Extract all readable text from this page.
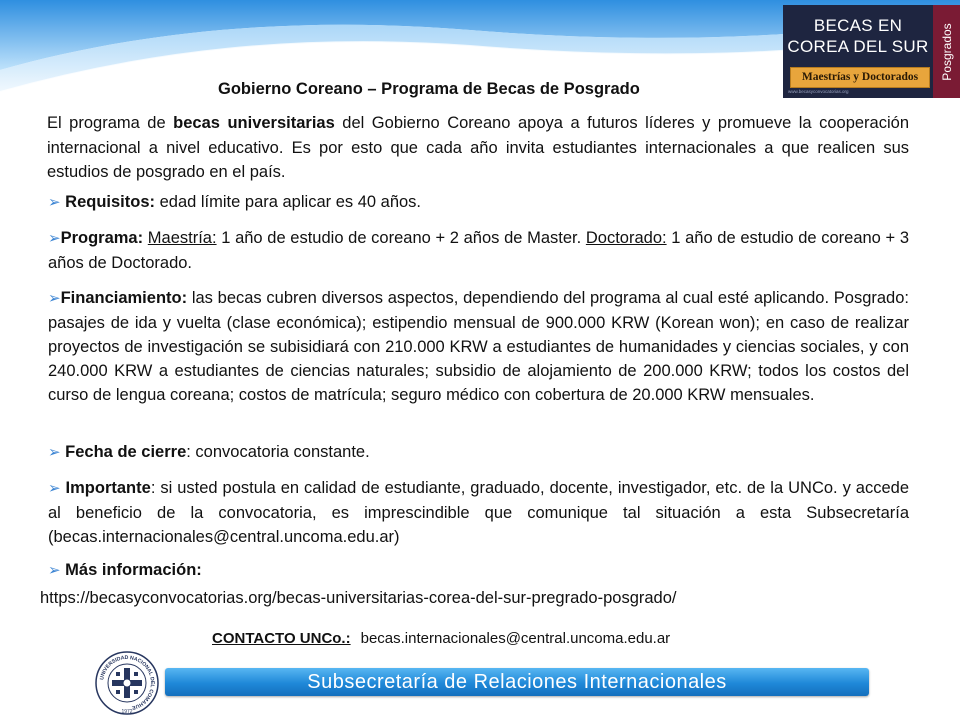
BECAS EN
COREA DEL SUR
Maestrías y Doctorados
www.becasyconvocatorias.org
Posgrados
Gobierno Coreano – Programa de Becas de Posgrado
El programa de becas universitarias del Gobierno Coreano apoya a futuros líderes y promueve la cooperación internacional a nivel educativo. Es por esto que cada año invita estudiantes internacionales a que realicen sus estudios de posgrado en el país.
➢ Requisitos: edad límite para aplicar es 40 años.
➢Programa: Maestría: 1 año de estudio de coreano + 2 años de Master. Doctorado: 1 año de estudio de coreano + 3 años de Doctorado.
➢Financiamiento: las becas cubren diversos aspectos, dependiendo del programa al cual esté aplicando. Posgrado: pasajes de ida y vuelta (clase económica); estipendio mensual de 900.000 KRW (Korean won); en caso de realizar proyectos de investigación se subisidiará con 210.000 KRW a estudiantes de humanidades y ciencias sociales, y con 240.000 KRW a estudiantes de ciencias naturales; subsidio de alojamiento de 200.000 KRW; todos los costos del curso de lengua coreana; costos de matrícula; seguro médico con cobertura de 20.000 KRW mensuales.
➢ Fecha de cierre: convocatoria constante.
➢ Importante: si usted postula en calidad de estudiante, graduado, docente, investigador, etc. de la UNCo. y accede al beneficio de la convocatoria, es imprescindible que comunique tal situación a esta Subsecretaría (becas.internacionales@central.uncoma.edu.ar)
➢ Más información:
https://becasyconvocatorias.org/becas-universitarias-corea-del-sur-pregrado-posgrado/
CONTACTO UNCo.: becas.internacionales@central.uncoma.edu.ar
UNIVERSIDAD NACIONAL DEL COMAHUE
1972
Subsecretaría de Relaciones Internacionales
